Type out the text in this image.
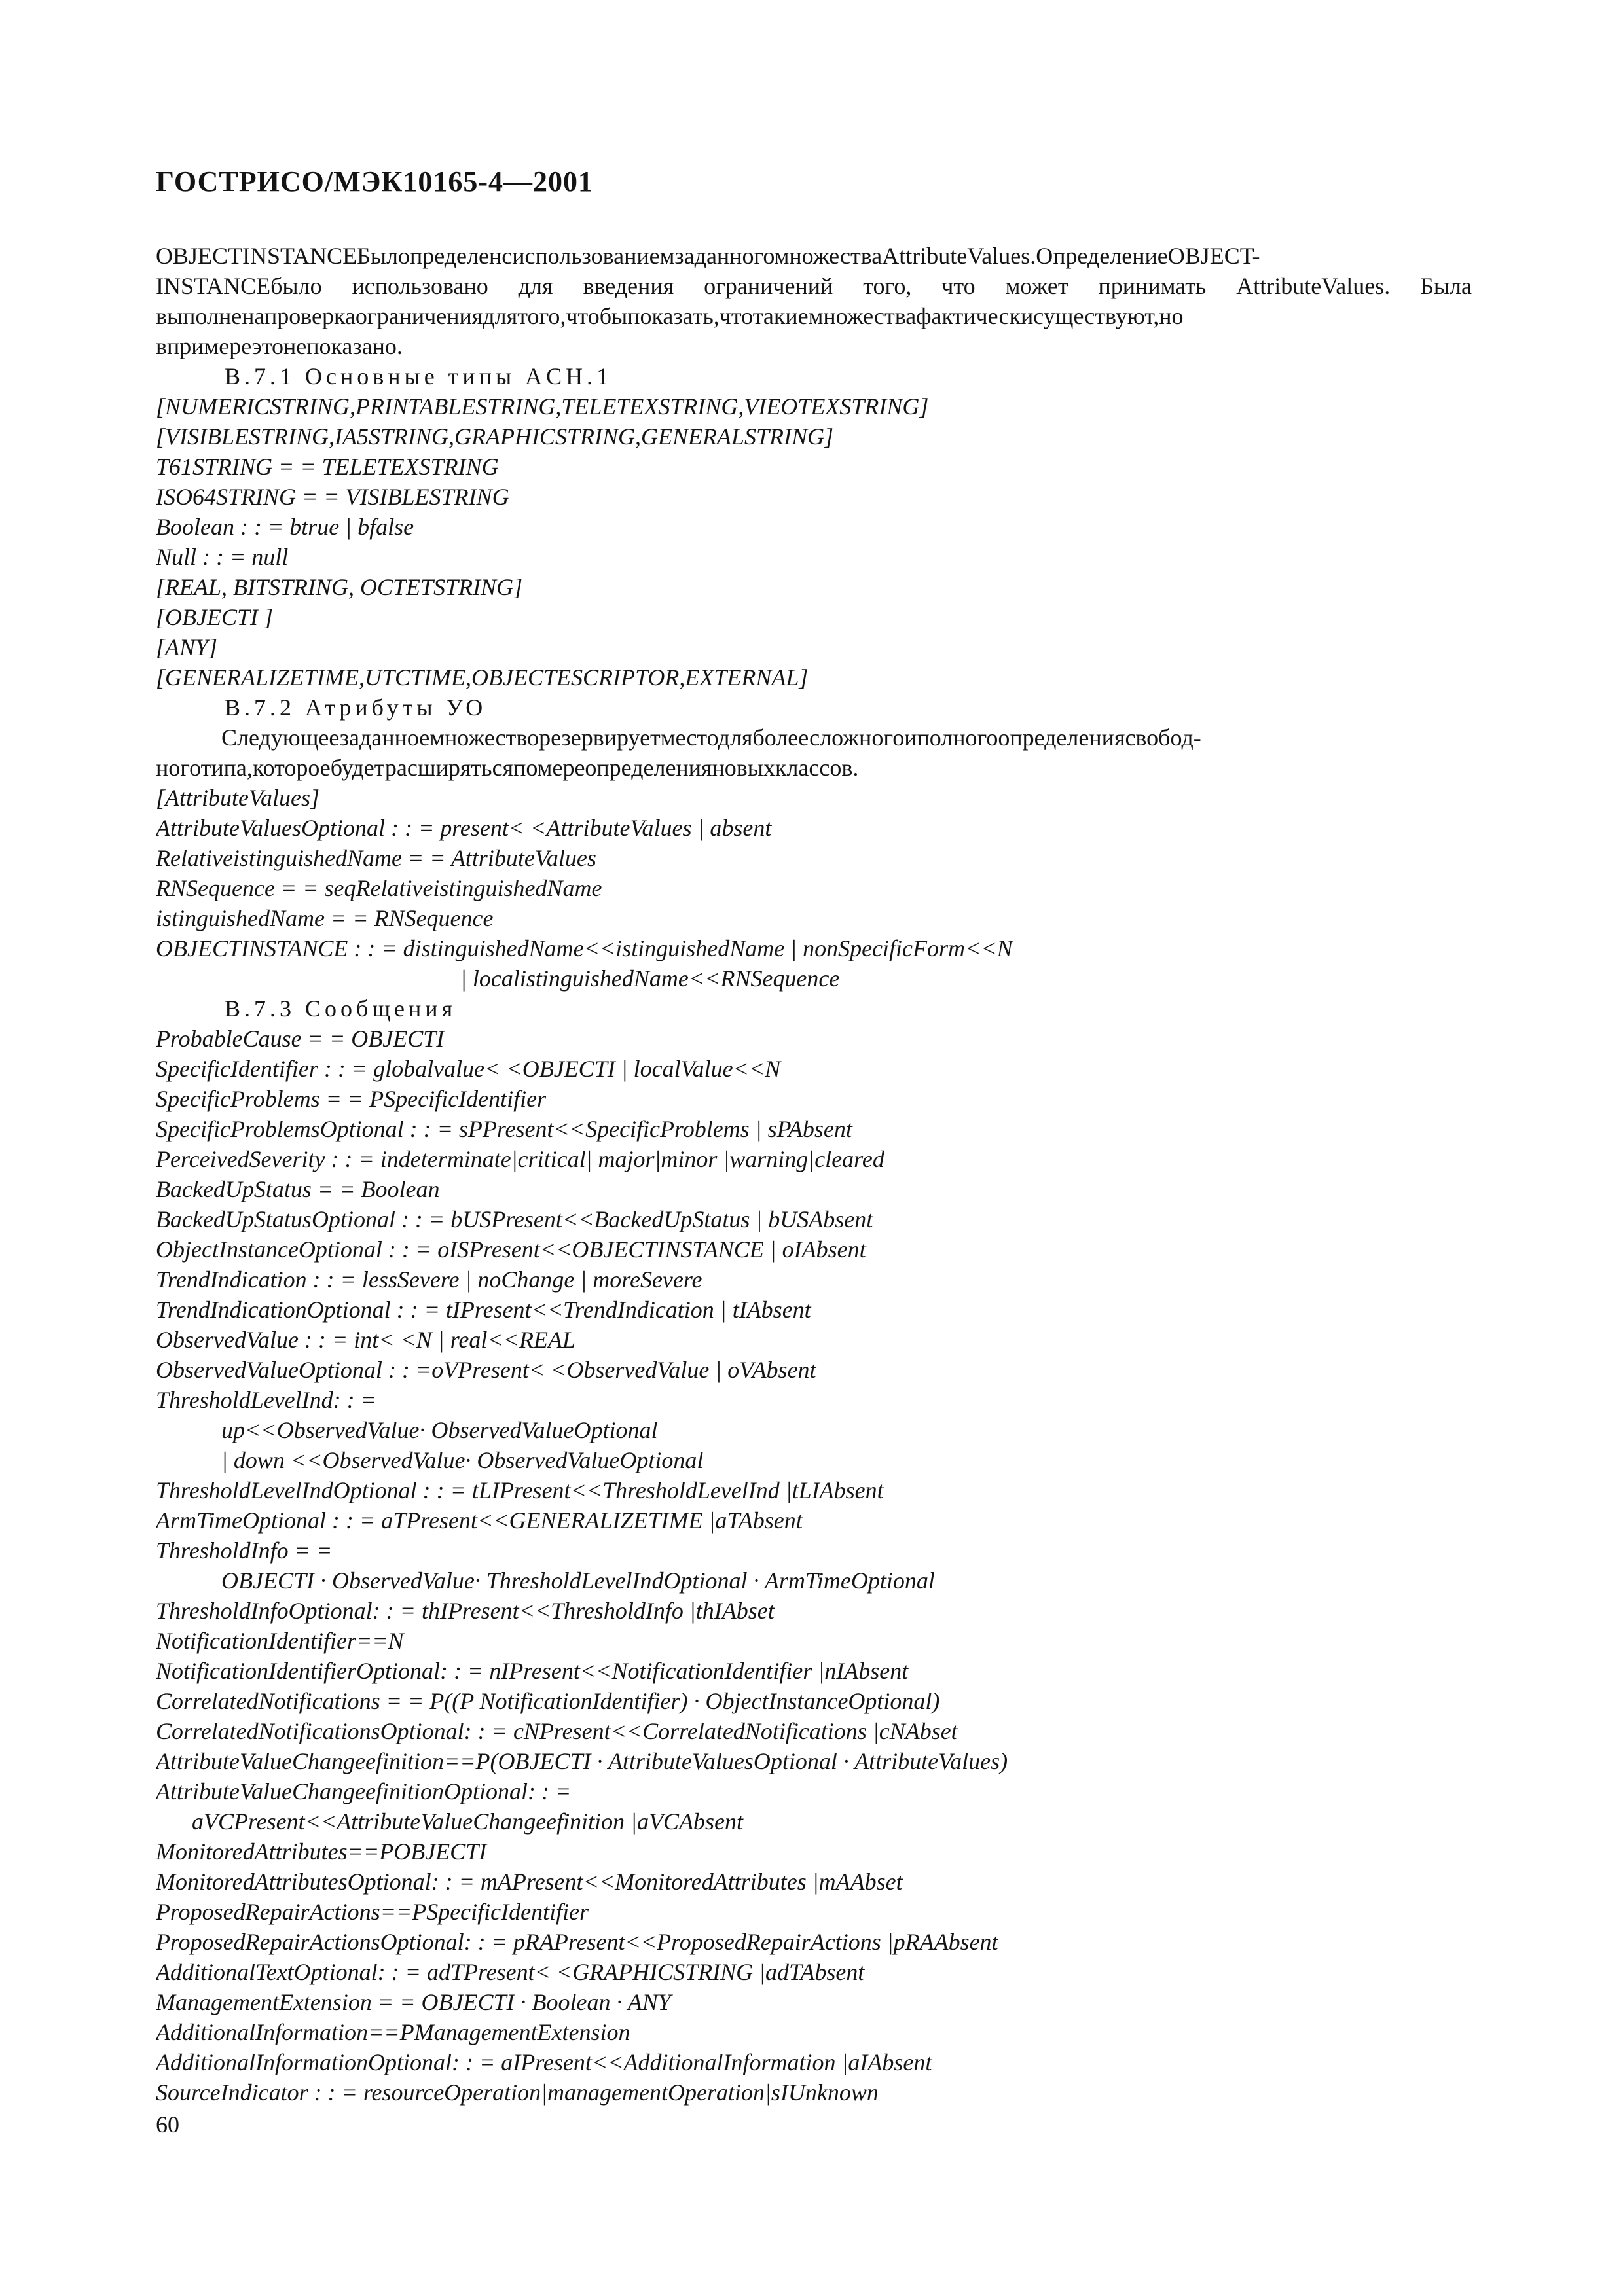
ГОСТРИСО/МЭК10165-4—2001
OBJECTINSTANCEБылопределенсиспользованиемзаданногомножестваAttributeValues.ОпределениеOBJECT-
INSTANCEбыло использовано для введения ограничений того, что может принимать AttributeValues. Была
выполненапроверкаограничениядлятого,чтобыпоказать,чтотакиемножествафактическисуществуют,но
впримереэтонепоказано.
B.7.1 Основные типы ACH.1
[NUMERICSTRING,PRINTABLESTRING,TELETEXSTRING,VIEOTEXSTRING]
[VISIBLESTRING,IA5STRING,GRAPHICSTRING,GENERALSTRING]
T61STRING = = TELETEXSTRING
ISO64STRING = = VISIBLESTRING
Boolean : : = btrue | bfalse
Null : : = null
[REAL, BITSTRING, OCTETSTRING]
[OBJECTI ]
[ANY]
[GENERALIZETIME,UTCTIME,OBJECTESCRIPTOR,EXTERNAL]
B.7.2 Атрибуты УО
Следующеезаданноемножестворезервируетместодляболеесложногоиполногоопределениясвобод-
ноготипа,котороебудетрасширятьсяпомереопределенияновыхклассов.
[AttributeValues]
AttributeValuesOptional : : = present< <AttributeValues | absent
RelativeistinguishedName = = AttributeValues
RNSequence = = seqRelativeistinguishedName
istinguishedName = = RNSequence
OBJECTINSTANCE : : = distinguishedName<<istinguishedName | nonSpecificForm<<N
| localistinguishedName<<RNSequence
B.7.3 Сообщения
ProbableCause = = OBJECTI
SpecificIdentifier : : = globalvalue< <OBJECTI | localValue<<N
SpecificProblems = = PSpecificIdentifier
SpecificProblemsOptional : : = sPPresent<<SpecificProblems | sPAbsent
PerceivedSeverity : : = indeterminate|critical| major|minor |warning|cleared
BackedUpStatus = = Boolean
BackedUpStatusOptional : : = bUSPresent<<BackedUpStatus | bUSAbsent
ObjectInstanceOptional : : = oISPresent<<OBJECTINSTANCE | oIAbsent
TrendIndication : : = lessSevere | noChange | moreSevere
TrendIndicationOptional : : = tIPresent<<TrendIndication | tIAbsent
ObservedValue : : = int< <N | real<<REAL
ObservedValueOptional : : =oVPresent< <ObservedValue | oVAbsent
ThresholdLevelInd: : =
up<<ObservedValue· ObservedValueOptional
| down <<ObservedValue· ObservedValueOptional
ThresholdLevelIndOptional : : = tLIPresent<<ThresholdLevelInd |tLIAbsent
ArmTimeOptional : : = aTPresent<<GENERALIZETIME |aTAbsent
ThresholdInfo = =
OBJECTI · ObservedValue· ThresholdLevelIndOptional · ArmTimeOptional
ThresholdInfoOptional: : = thIPresent<<ThresholdInfo |thIAbset
NotificationIdentifier==N
NotificationIdentifierOptional: : = nIPresent<<NotificationIdentifier |nIAbsent
CorrelatedNotifications = = P((P NotificationIdentifier) · ObjectInstanceOptional)
CorrelatedNotificationsOptional: : = cNPresent<<CorrelatedNotifications |cNAbset
AttributeValueChangeefinition==P(OBJECTI · AttributeValuesOptional · AttributeValues)
AttributeValueChangeefinitionOptional: : =
aVCPresent<<AttributeValueChangeefinition |aVCAbsent
MonitoredAttributes==POBJECTI
MonitoredAttributesOptional: : = mAPresent<<MonitoredAttributes |mAAbset
ProposedRepairActions==PSpecificIdentifier
ProposedRepairActionsOptional: : = pRAPresent<<ProposedRepairActions |pRAAbsent
AdditionalTextOptional: : = adTPresent< <GRAPHICSTRING |adTAbsent
ManagementExtension = = OBJECTI · Boolean · ANY
AdditionalInformation==PManagementExtension
AdditionalInformationOptional: : = aIPresent<<AdditionalInformation |aIAbsent
SourceIndicator : : = resourceOperation|managementOperation|sIUnknown
60
